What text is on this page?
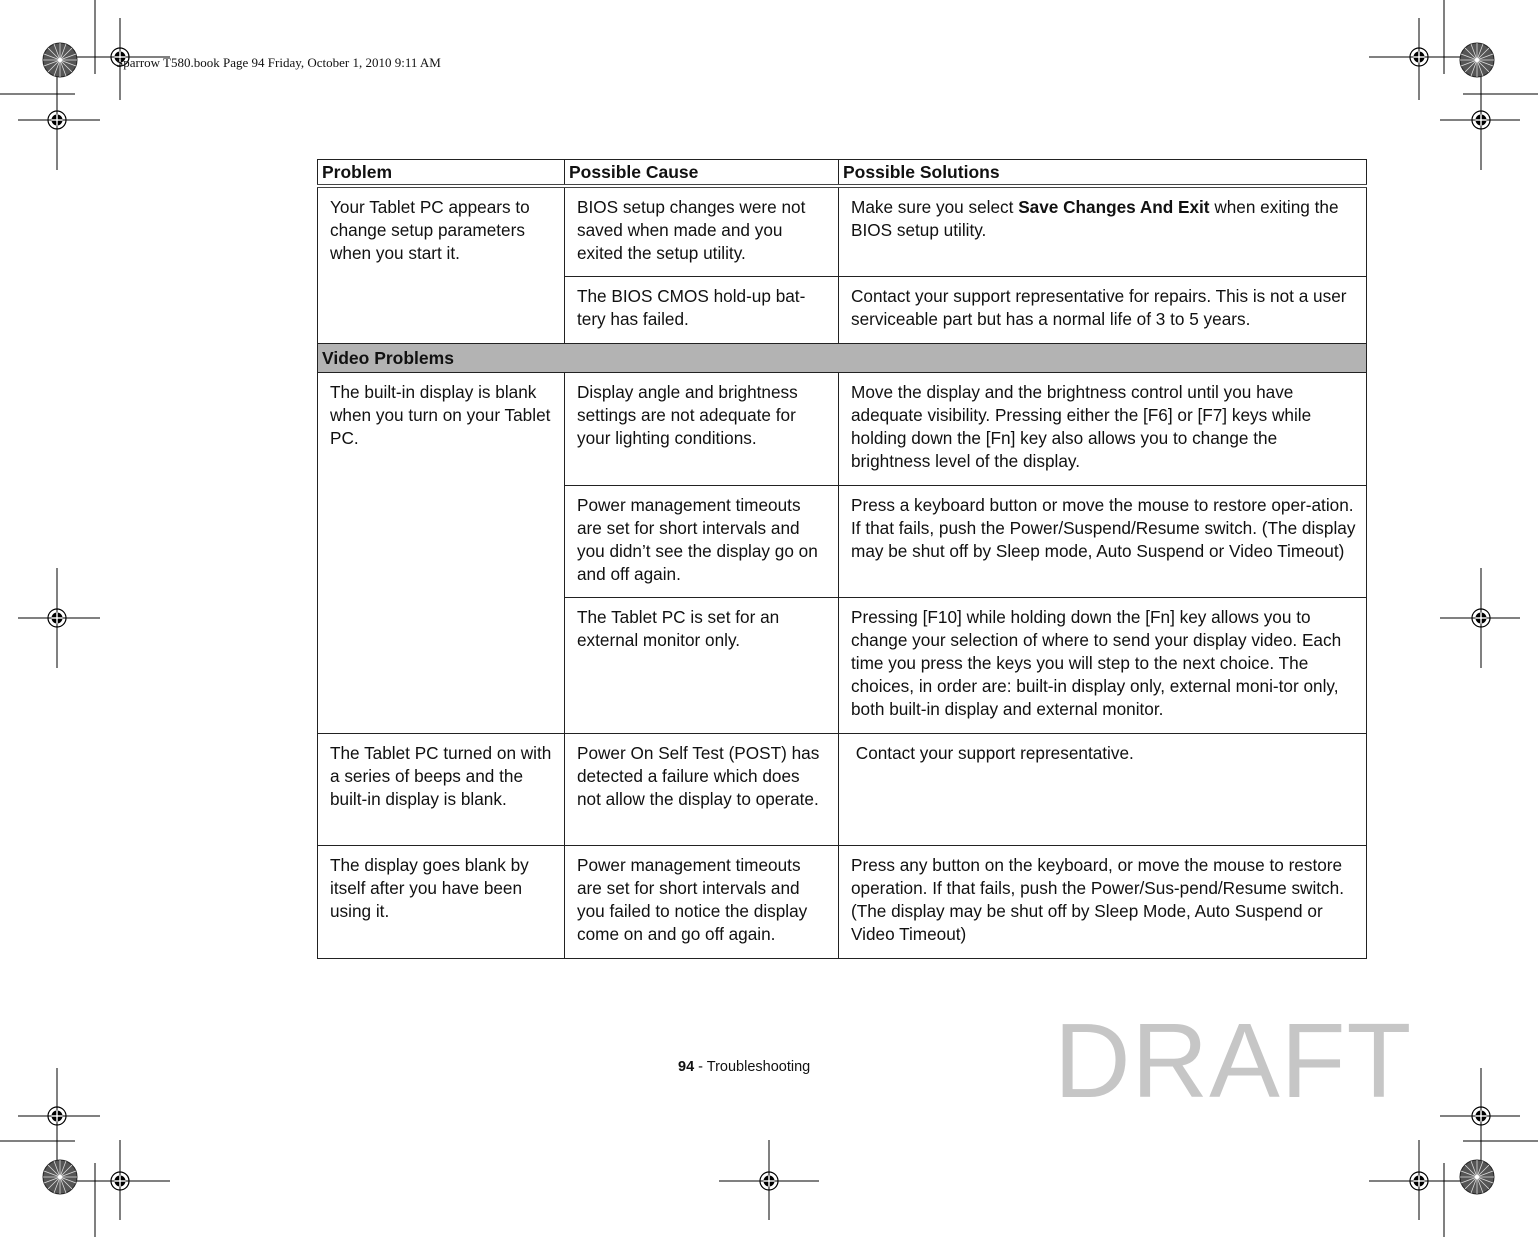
Sparrow T580.book Page 94 Friday, October 1, 2010 9:11 AM
Problem	Possible Cause	Possible Solutions
Your Tablet PC appears to change setup parameters when you start it.	BIOS setup changes were not saved when made and you exited the setup utility.	Make sure you select Save Changes And Exit when exiting the BIOS setup utility.
	The BIOS CMOS hold-up bat-tery has failed.	Contact your support representative for repairs. This is not a user serviceable part but has a normal life of 3 to 5 years.
Video Problems		
The built-in display is blank when you turn on your Tablet PC.	Display angle and brightness settings are not adequate for your lighting conditions.	Move the display and the brightness control until you have adequate visibility. Pressing either the [F6] or [F7] keys while holding down the [Fn] key also allows you to change the brightness level of the display.
	Power management timeouts are set for short intervals and you didn’t see the display go on and off again.	Press a keyboard button or move the mouse to restore oper-ation. If that fails, push the Power/Suspend/Resume switch. (The display may be shut off by Sleep mode, Auto Suspend or Video Timeout)
	The Tablet PC is set for an external monitor only.	Pressing [F10] while holding down the [Fn] key allows you to change your selection of where to send your display video. Each time you press the keys you will step to the next choice. The choices, in order are: built-in display only, external moni-tor only, both built-in display and external monitor.
The Tablet PC turned on with a series of beeps and the built-in display is blank.	Power On Self Test (POST) has detected a failure which does not allow the display to operate.	Contact your support representative.
The display goes blank by itself after you have been using it.	Power management timeouts are set for short intervals and you failed to notice the display come on and go off again.	Press any button on the keyboard, or move the mouse to restore operation. If that fails, push the Power/Sus-pend/Resume switch. (The display may be shut off by Sleep Mode, Auto Suspend or Video Timeout)
94 - Troubleshooting DRAFT
